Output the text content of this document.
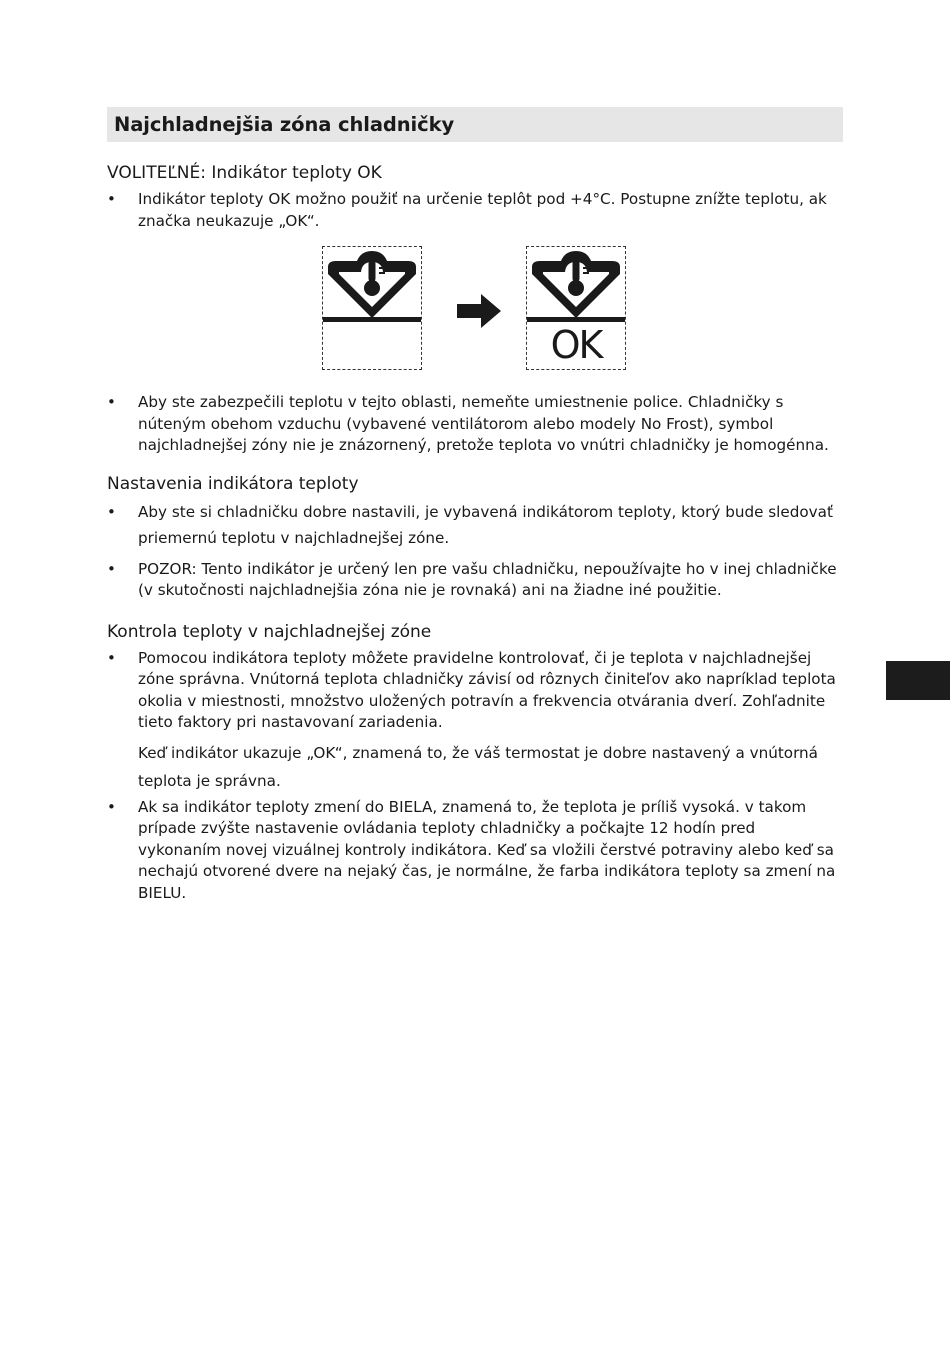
Najchladnejšia zóna chladničky
VOLITEĽNÉ: Indikátor teploty OK
• Indikátor teploty OK možno použiť na určenie teplôt pod +4°C. Postupne znížte teplotu, ak značka neukazuje „OK“.
OK
• Aby ste zabezpečili teplotu v tejto oblasti, nemeňte umiestnenie police. Chladničky s núteným obehom vzduchu (vybavené ventilátorom alebo modely No Frost), symbol najchladnejšej zóny nie je znázornený, pretože teplota vo vnútri chladničky je homogénna.
Nastavenia indikátora teploty
• Aby ste si chladničku dobre nastavili, je vybavená indikátorom teploty, ktorý bude sledovať priemernú teplotu v najchladnejšej zóne.
• POZOR: Tento indikátor je určený len pre vašu chladničku, nepoužívajte ho v inej chladničke (v skutočnosti najchladnejšia zóna nie je rovnaká) ani na žiadne iné použitie.
Kontrola teploty v najchladnejšej zóne
• Pomocou indikátora teploty môžete pravidelne kontrolovať, či je teplota v najchladnejšej zóne správna. Vnútorná teplota chladničky závisí od rôznych činiteľov ako napríklad teplota okolia v miestnosti, množstvo uložených potravín a frekvencia otvárania dverí. Zohľadnite tieto faktory pri nastavovaní zariadenia.
Keď indikátor ukazuje „OK“, znamená to, že váš termostat je dobre nastavený a vnútorná teplota je správna.
• Ak sa indikátor teploty zmení do BIELA, znamená to, že teplota je príliš vysoká. v takom prípade zvýšte nastavenie ovládania teploty chladničky a počkajte 12 hodín pred vykonaním novej vizuálnej kontroly indikátora. Keď sa vložili čerstvé potraviny alebo keď sa nechajú otvorené dvere na nejaký čas, je normálne, že farba indikátora teploty sa zmení na BIELU.
